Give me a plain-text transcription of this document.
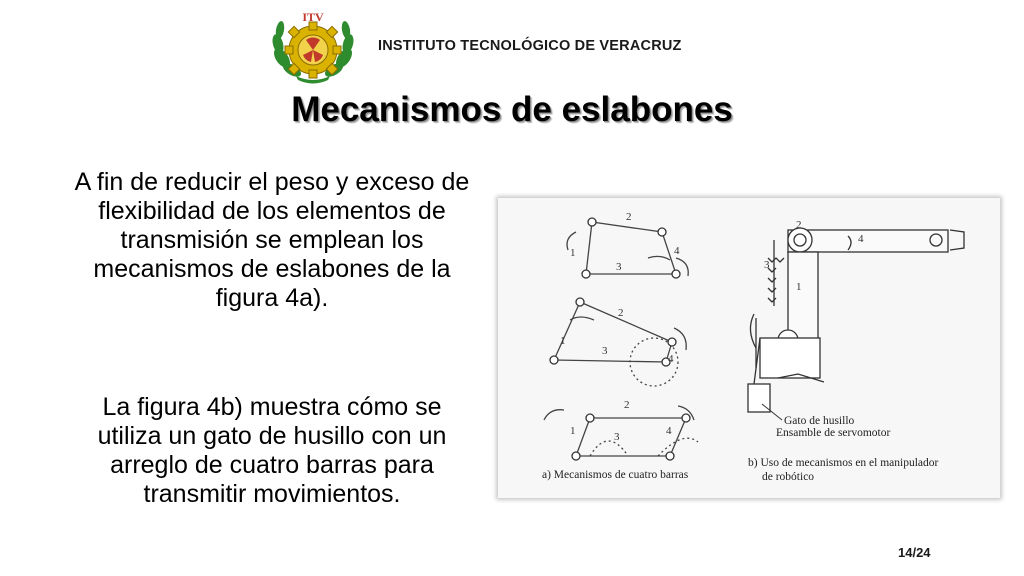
ITV
INSTITUTO TECNOLÓGICO DE VERACRUZ
Mecanismos de eslabones
A fin de reducir el peso y exceso de flexibilidad de los elementos de transmisión se emplean los mecanismos de eslabones de la figura 4a).
La figura 4b) muestra cómo se utiliza un gato de husillo con un arreglo de cuatro barras para transmitir movimientos.
2
1
3
4
2
1
3
4
2
1	3	4
3
1
4
2
Gato de husillo
Ensamble de servomotor
a) Mecanismos de cuatro barras
b) Uso de mecanismos en el manipulador
de robótico
14/24
